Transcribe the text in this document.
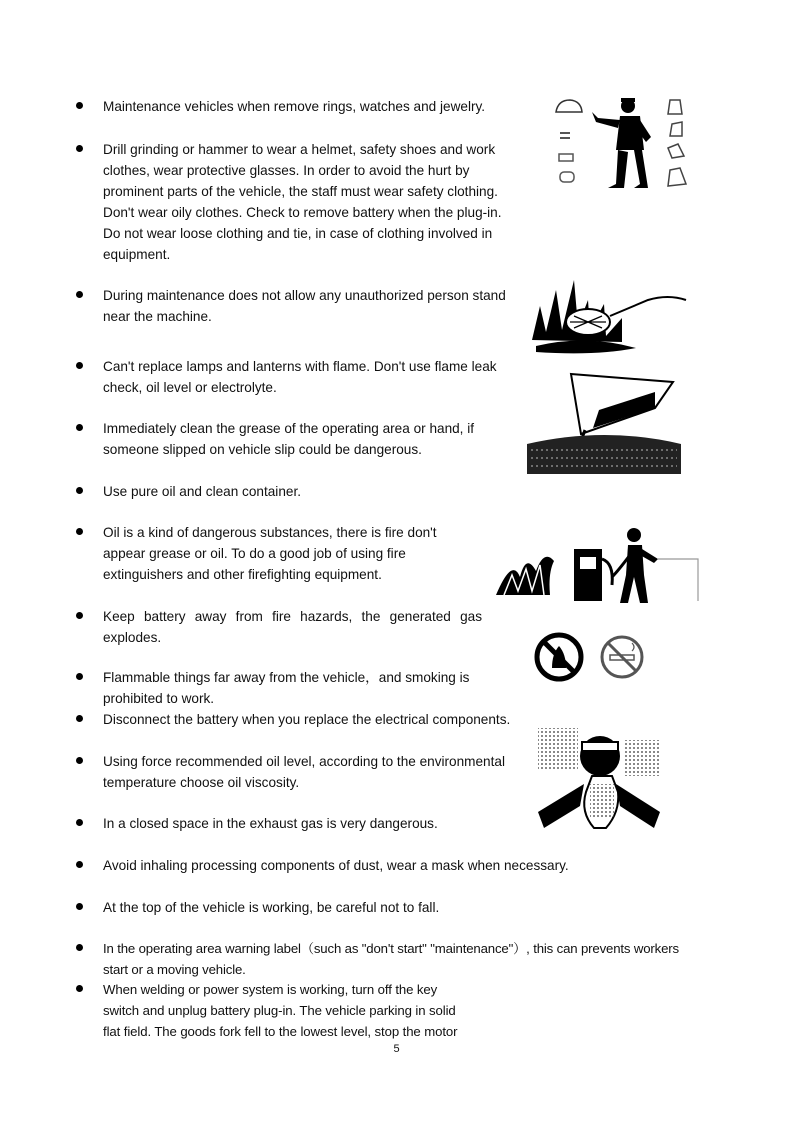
Maintenance vehicles when remove rings, watches and jewelry.
Drill grinding or hammer to wear a helmet, safety shoes and work
clothes, wear protective glasses. In order to avoid the hurt by
prominent parts of the vehicle, the staff must wear safety clothing.
Don't wear oily clothes. Check to remove battery when the plug-in.
Do not wear loose clothing and tie, in case of clothing involved in
equipment.
During maintenance does not allow any unauthorized person stand
near the machine.
Can't replace lamps and lanterns with flame. Don't use flame leak
check, oil level or electrolyte.
Immediately clean the grease of the operating area or hand, if
someone slipped on vehicle slip could be dangerous.
Use pure oil and clean container.
Oil is a kind of dangerous substances, there is fire don't
appear grease or oil. To do a good job of using fire
extinguishers and other firefighting equipment.
Keep battery away from fire hazards, the generated gas explodes.
Flammable things far away from the vehicle，and smoking is
prohibited to work.
Disconnect the battery when you replace the electrical components.
Using force recommended oil level, according to the environmental
temperature choose oil viscosity.
In a closed space in the exhaust gas is very dangerous.
Avoid inhaling processing components of dust, wear a mask when necessary.
At the top of the vehicle is working, be careful not to fall.
In the operating area warning label（such as "don't start" "maintenance"）, this can prevents workers
start or a moving vehicle.
When welding or power system is working, turn off the key
switch and unplug battery plug-in. The vehicle parking in solid
flat field. The goods fork fell to the lowest level, stop the motor
5
